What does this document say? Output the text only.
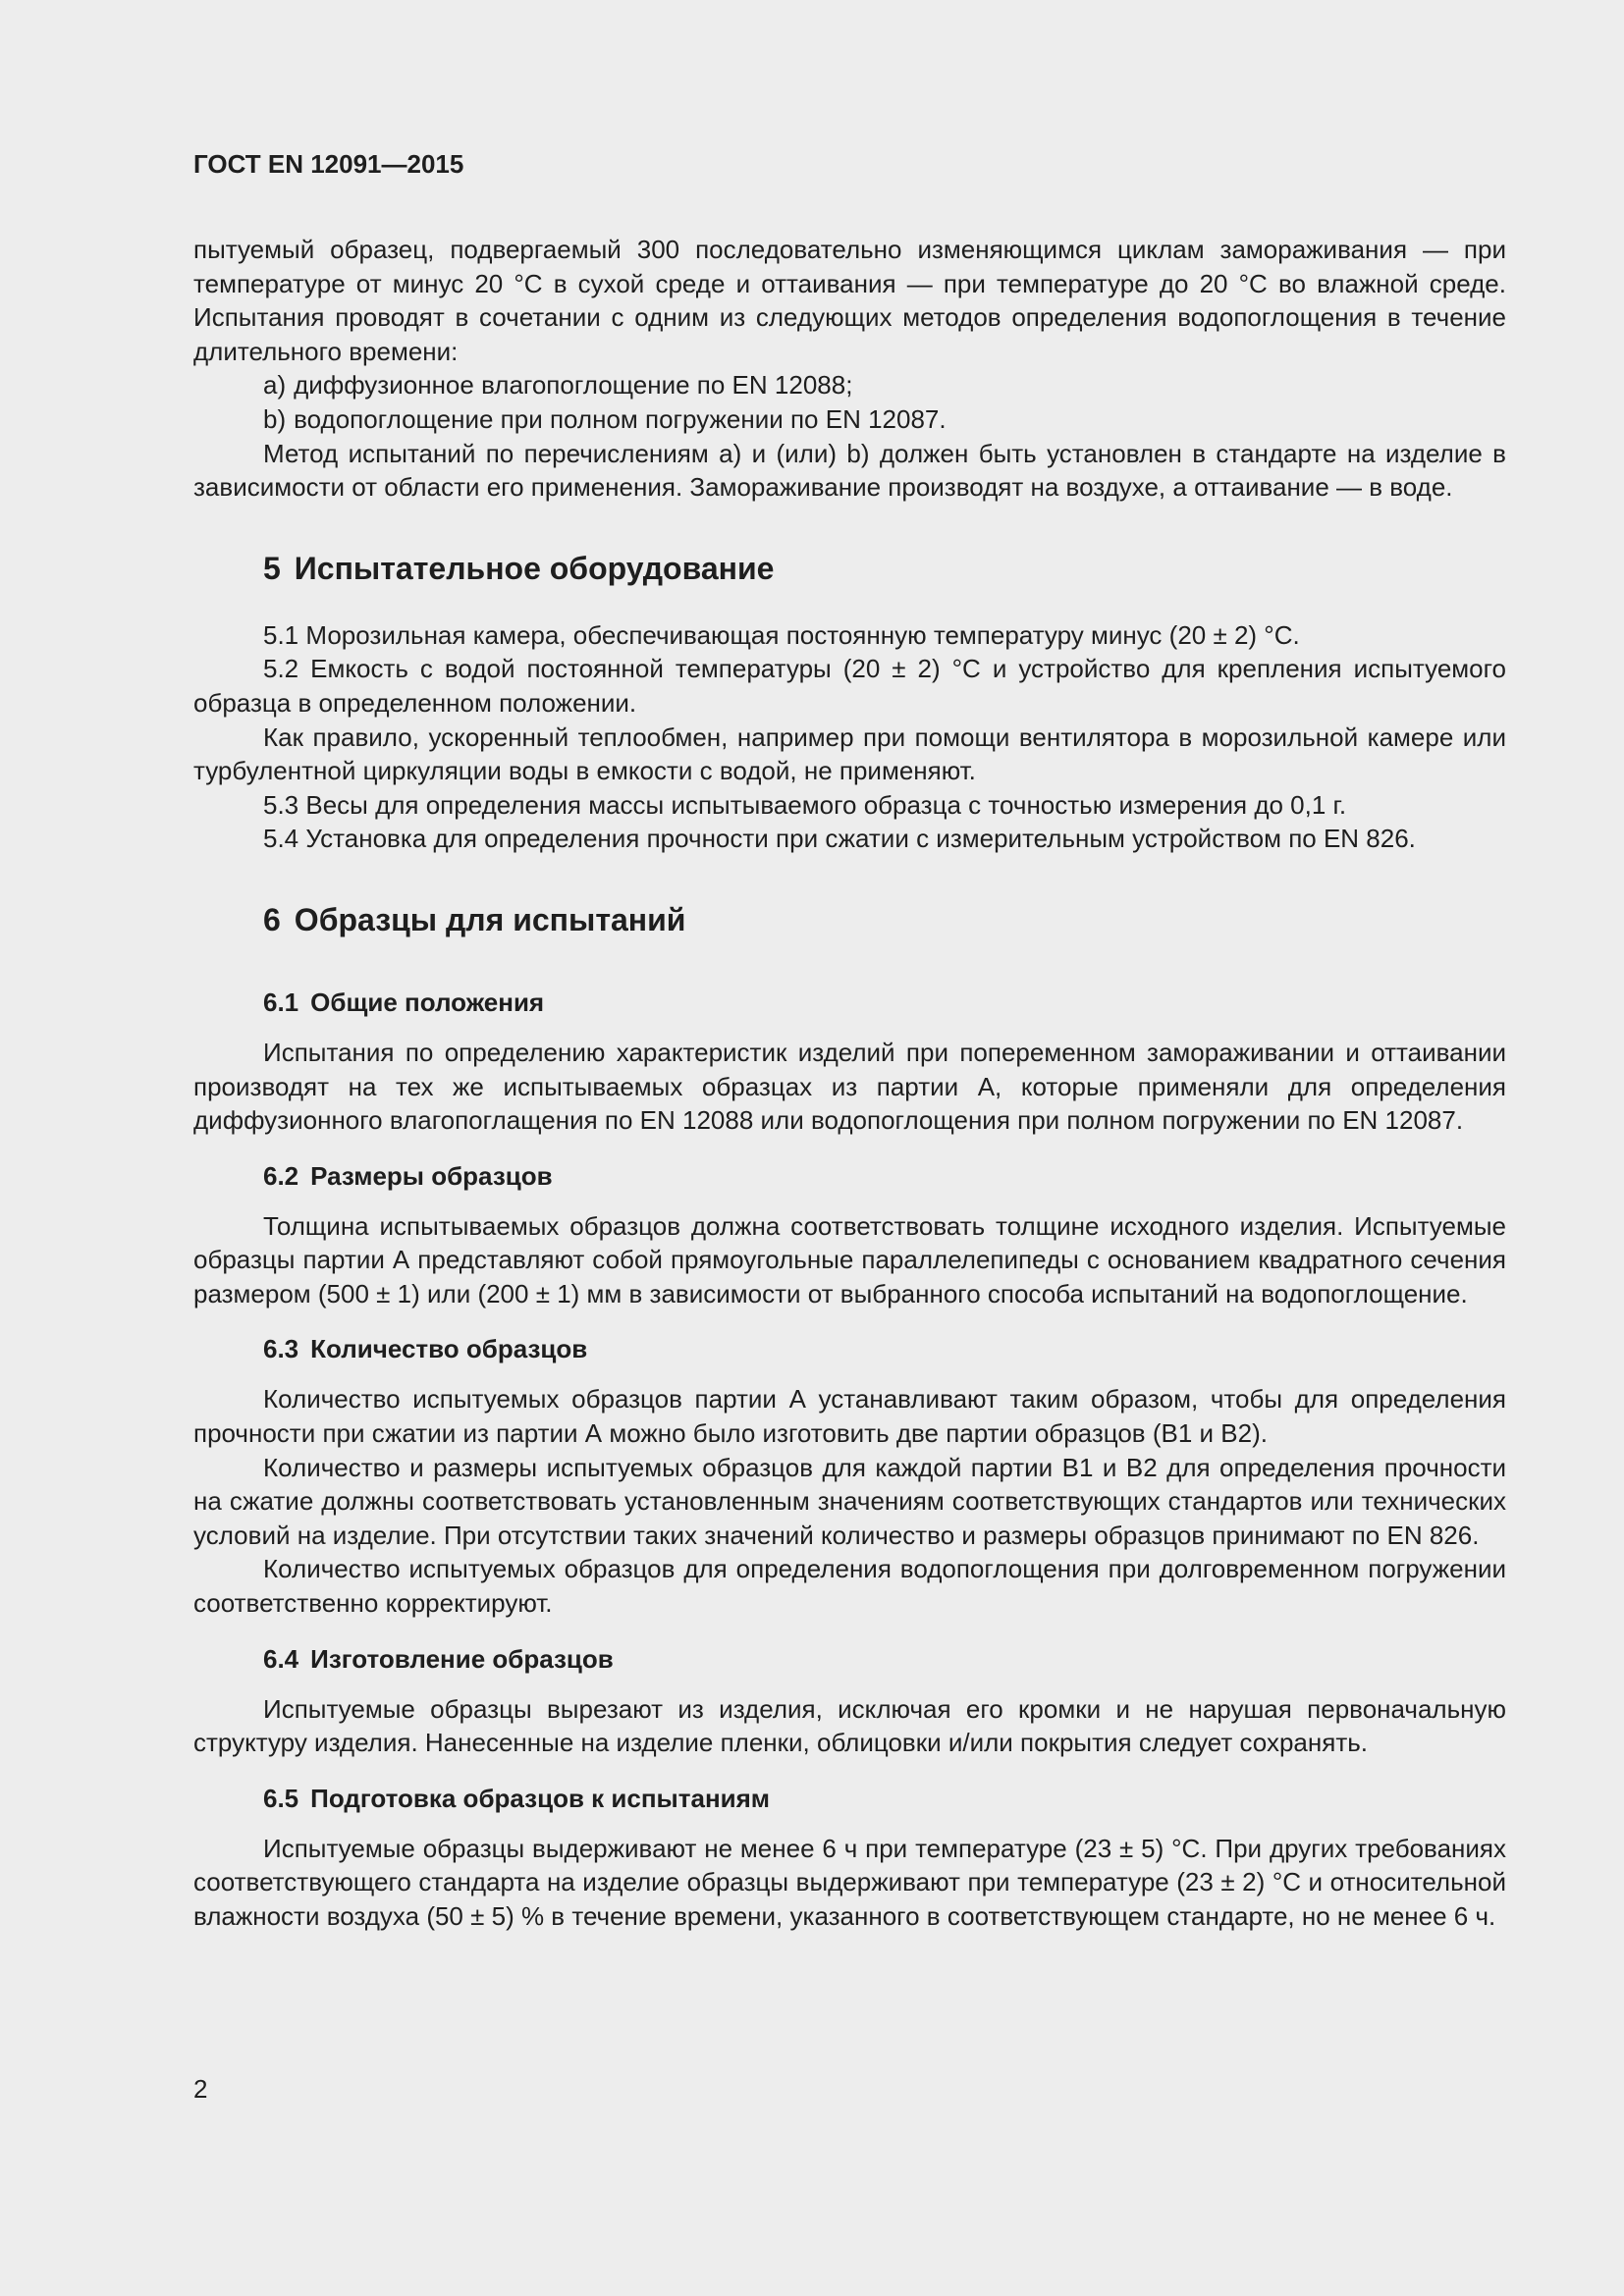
ГОСТ EN 12091—2015

пытуемый образец, подвергаемый 300 последовательно изменяющимся циклам замораживания — при температуре от минус 20 °С в сухой среде и оттаивания — при температуре до 20 °С во влажной среде. Испытания проводят в сочетании с одним из следующих методов определения водопоглощения в течение длительного времени:

a) диффузионное влагопоглощение по EN 12088;
b) водопоглощение при полном погружении по EN 12087.

Метод испытаний по перечислениям а) и (или) b) должен быть установлен в стандарте на изделие в зависимости от области его применения. Замораживание производят на воздухе, а оттаивание — в воде.

5 Испытательное оборудование

5.1 Морозильная камера, обеспечивающая постоянную температуру минус (20 ± 2) °С.

5.2 Емкость с водой постоянной температуры (20 ± 2) °С и устройство для крепления испытуемого образца в определенном положении.

Как правило, ускоренный теплообмен, например при помощи вентилятора в морозильной камере или турбулентной циркуляции воды в емкости с водой, не применяют.

5.3 Весы для определения массы испытываемого образца с точностью измерения до 0,1 г.

5.4 Установка для определения прочности при сжатии с измерительным устройством по EN 826.

6 Образцы для испытаний
6.1 Общие положения

Испытания по определению характеристик изделий при попеременном замораживании и оттаивании производят на тех же испытываемых образцах из партии А, которые применяли для определения диффузионного влагопоглащения по EN 12088 или водопоглощения при полном погружении по EN 12087.

6.2 Размеры образцов

Толщина испытываемых образцов должна соответствовать толщине исходного изделия. Испытуемые образцы партии А представляют собой прямоугольные параллелепипеды с основанием квадратного сечения размером (500 ± 1) или (200 ± 1) мм в зависимости от выбранного способа испытаний на водопоглощение.

6.3 Количество образцов

Количество испытуемых образцов партии А устанавливают таким образом, чтобы для определения прочности при сжатии из партии А можно было изготовить две партии образцов (В1 и В2).

Количество и размеры испытуемых образцов для каждой партии В1 и В2 для определения прочности на сжатие должны соответствовать установленным значениям соответствующих стандартов или технических условий на изделие. При отсутствии таких значений количество и размеры образцов принимают по EN 826.

Количество испытуемых образцов для определения водопоглощения при долговременном погружении соответственно корректируют.

6.4 Изготовление образцов

Испытуемые образцы вырезают из изделия, исключая его кромки и не нарушая первоначальную структуру изделия. Нанесенные на изделие пленки, облицовки и/или покрытия следует сохранять.

6.5 Подготовка образцов к испытаниям

Испытуемые образцы выдерживают не менее 6 ч при температуре (23 ± 5) °С. При других требованиях соответствующего стандарта на изделие образцы выдерживают при температуре (23 ± 2) °С и относительной влажности воздуха (50 ± 5) % в течение времени, указанного в соответствующем стандарте, но не менее 6 ч.

2
